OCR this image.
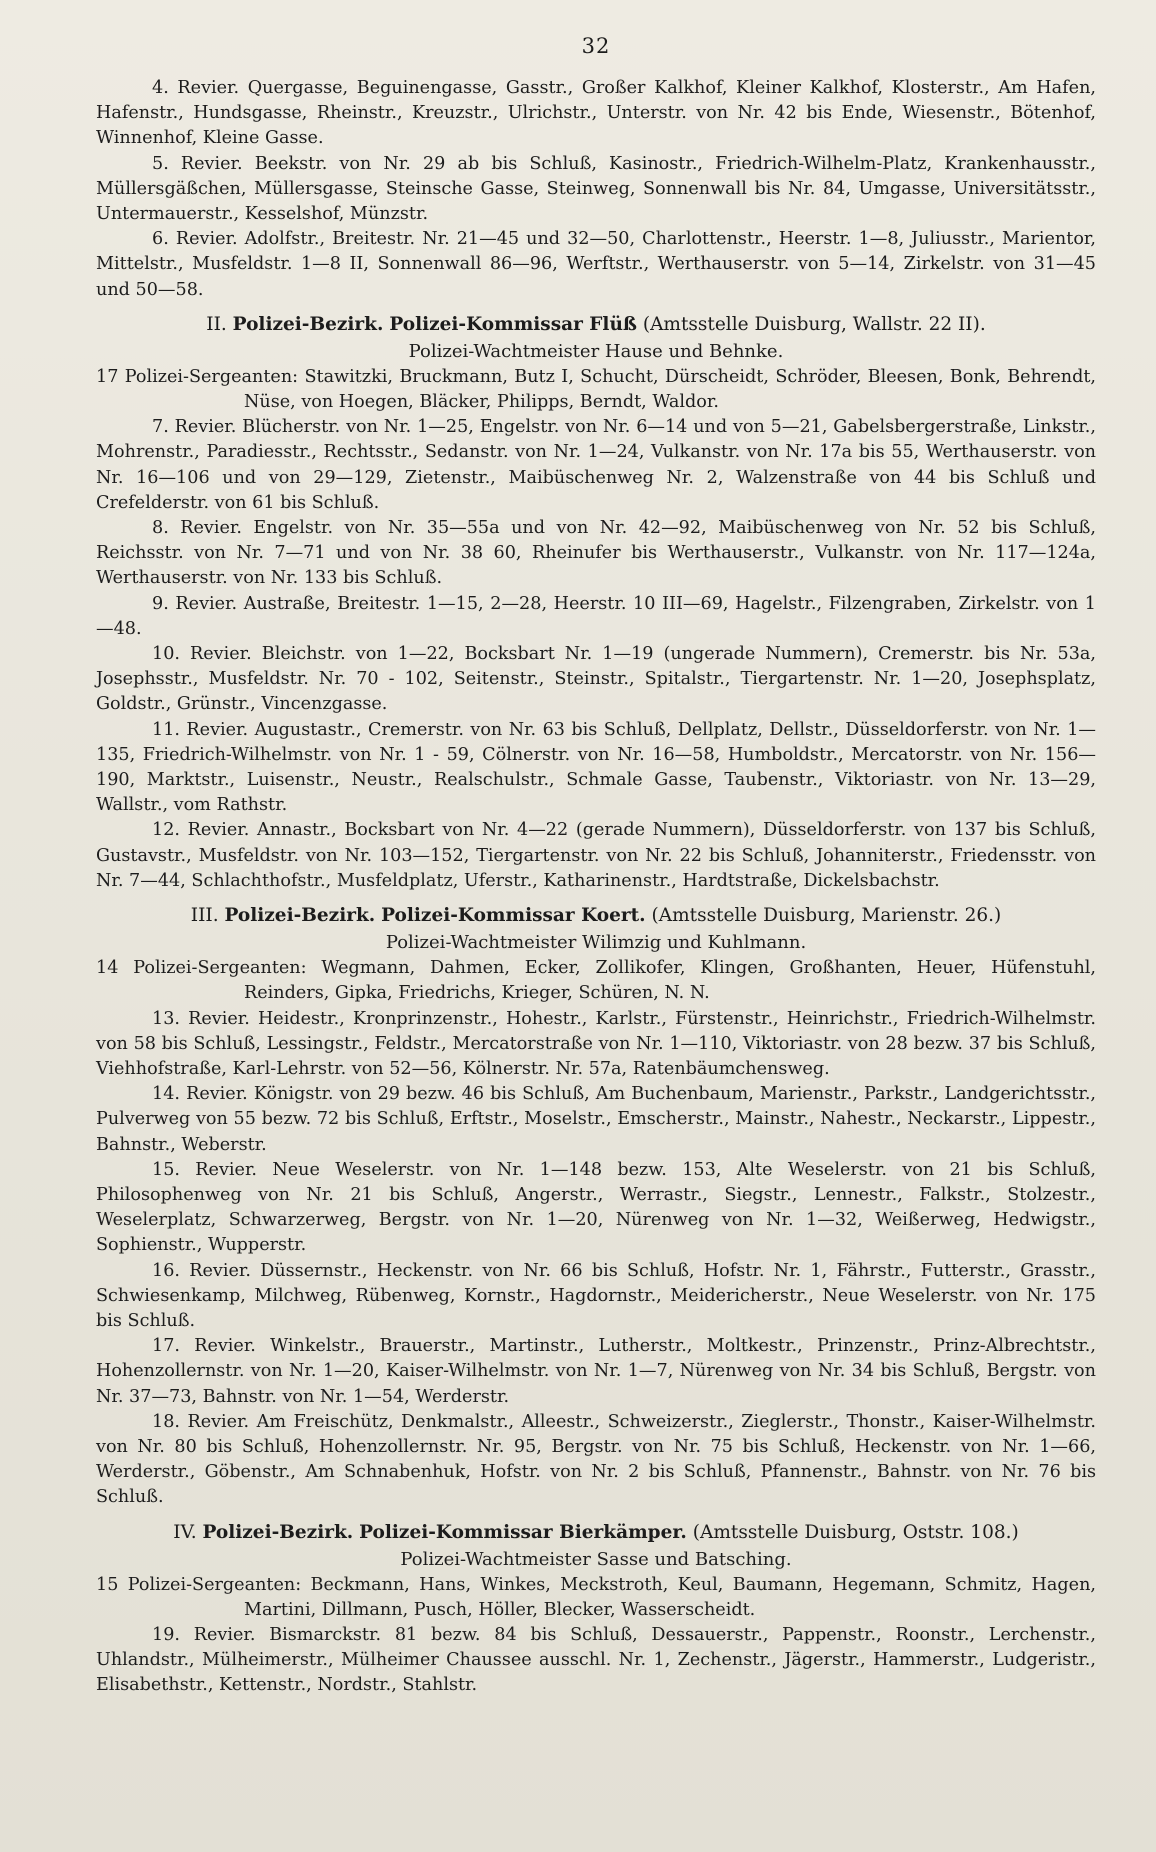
32

4. Revier. Quergasse, Beguinengasse, Gasstr., Großer Kalkhof, Kleiner Kalkhof, Klosterstr., Am Hafen, Hafenstr., Hundsgasse, Rheinstr., Kreuzstr., Ulrichstr., Unterstr. von Nr. 42 bis Ende, Wiesenstr., Bötenhof, Winnenhof, Kleine Gasse.

5. Revier. Beekstr. von Nr. 29 ab bis Schluß, Kasinostr., Friedrich-Wilhelm-Platz, Krankenhausstr., Müllersgäßchen, Müllersgasse, Steinsche Gasse, Steinweg, Sonnenwall bis Nr. 84, Umgasse, Universitätsstr., Untermauerstr., Kesselshof, Münzstr.

6. Revier. Adolfstr., Breitestr. Nr. 21—45 und 32—50, Charlottenstr., Heerstr. 1—8, Juliusstr., Marientor, Mittelstr., Musfeldstr. 1—8 II, Sonnenwall 86—96, Werftstr., Werthauserstr. von 5—14, Zirkelstr. von 31—45 und 50—58.

II. Polizei-Bezirk. Polizei-Kommissar Flüß (Amtsstelle Duisburg, Wallstr. 22 II).

Polizei-Wachtmeister Hause und Behnke.

17 Polizei-Sergeanten: Stawitzki, Bruckmann, Butz I, Schucht, Dürscheidt, Schröder, Bleesen, Bonk, Behrendt, Nüse, von Hoegen, Bläcker, Philipps, Berndt, Waldor.

7. Revier. Blücherstr. von Nr. 1—25, Engelstr. von Nr. 6—14 und von 5—21, Gabelsbergerstraße, Linkstr., Mohrenstr., Paradiesstr., Rechtsstr., Sedanstr. von Nr. 1—24, Vulkanstr. von Nr. 17a bis 55, Werthauserstr. von Nr. 16—106 und von 29—129, Zietenstr., Maibüschenweg Nr. 2, Walzenstraße von 44 bis Schluß und Crefelderstr. von 61 bis Schluß.

8. Revier. Engelstr. von Nr. 35—55a und von Nr. 42—92, Maibüschenweg von Nr. 52 bis Schluß, Reichsstr. von Nr. 7—71 und von Nr. 38 60, Rheinufer bis Werthauserstr., Vulkanstr. von Nr. 117—124a, Werthauserstr. von Nr. 133 bis Schluß.

9. Revier. Austraße, Breitestr. 1—15, 2—28, Heerstr. 10 III—69, Hagelstr., Filzengraben, Zirkelstr. von 1—48.

10. Revier. Bleichstr. von 1—22, Bocksbart Nr. 1—19 (ungerade Nummern), Cremerstr. bis Nr. 53a, Josephsstr., Musfeldstr. Nr. 70 - 102, Seitenstr., Steinstr., Spitalstr., Tiergartenstr. Nr. 1—20, Josephsplatz, Goldstr., Grünstr., Vincenzgasse.

11. Revier. Augustastr., Cremerstr. von Nr. 63 bis Schluß, Dellplatz, Dellstr., Düsseldorferstr. von Nr. 1—135, Friedrich-Wilhelmstr. von Nr. 1 - 59, Cölnerstr. von Nr. 16—58, Humboldstr., Mercatorstr. von Nr. 156—190, Marktstr., Luisenstr., Neustr., Realschulstr., Schmale Gasse, Taubenstr., Viktoriastr. von Nr. 13—29, Wallstr., vom Rathstr.

12. Revier. Annastr., Bocksbart von Nr. 4—22 (gerade Nummern), Düsseldorferstr. von 137 bis Schluß, Gustavstr., Musfeldstr. von Nr. 103—152, Tiergartenstr. von Nr. 22 bis Schluß, Johanniterstr., Friedensstr. von Nr. 7—44, Schlachthofstr., Musfeldplatz, Uferstr., Katharinenstr., Hardtstraße, Dickelsbachstr.

III. Polizei-Bezirk. Polizei-Kommissar Koert. (Amtsstelle Duisburg, Marienstr. 26.)

Polizei-Wachtmeister Wilimzig und Kuhlmann.

14 Polizei-Sergeanten: Wegmann, Dahmen, Ecker, Zollikofer, Klingen, Großhanten, Heuer, Hüfenstuhl, Reinders, Gipka, Friedrichs, Krieger, Schüren, N. N.

13. Revier. Heidestr., Kronprinzenstr., Hohestr., Karlstr., Fürstenstr., Heinrichstr., Friedrich-Wilhelmstr. von 58 bis Schluß, Lessingstr., Feldstr., Mercatorstraße von Nr. 1—110, Viktoriastr. von 28 bezw. 37 bis Schluß, Viehhofstraße, Karl-Lehrstr. von 52—56, Kölnerstr. Nr. 57a, Ratenbäumchensweg.

14. Revier. Königstr. von 29 bezw. 46 bis Schluß, Am Buchenbaum, Marienstr., Parkstr., Landgerichtsstr., Pulverweg von 55 bezw. 72 bis Schluß, Erftstr., Moselstr., Emscherstr., Mainstr., Nahestr., Neckarstr., Lippestr., Bahnstr., Weberstr.

15. Revier. Neue Weselerstr. von Nr. 1—148 bezw. 153, Alte Weselerstr. von 21 bis Schluß, Philosophenweg von Nr. 21 bis Schluß, Angerstr., Werrastr., Siegstr., Lennestr., Falkstr., Stolzestr., Weselerplatz, Schwarzerweg, Bergstr. von Nr. 1—20, Nürenweg von Nr. 1—32, Weißerweg, Hedwigstr., Sophienstr., Wupperstr.

16. Revier. Düssernstr., Heckenstr. von Nr. 66 bis Schluß, Hofstr. Nr. 1, Fährstr., Futterstr., Grasstr., Schwiesenkamp, Milchweg, Rübenweg, Kornstr., Hagdornstr., Meidericherstr., Neue Weselerstr. von Nr. 175 bis Schluß.

17. Revier. Winkelstr., Brauerstr., Martinstr., Lutherstr., Moltkestr., Prinzenstr., Prinz-Albrechtstr., Hohenzollernstr. von Nr. 1—20, Kaiser-Wilhelmstr. von Nr. 1—7, Nürenweg von Nr. 34 bis Schluß, Bergstr. von Nr. 37—73, Bahnstr. von Nr. 1—54, Werderstr.

18. Revier. Am Freischütz, Denkmalstr., Alleestr., Schweizerstr., Zieglerstr., Thonstr., Kaiser-Wilhelmstr. von Nr. 80 bis Schluß, Hohenzollernstr. Nr. 95, Bergstr. von Nr. 75 bis Schluß, Heckenstr. von Nr. 1—66, Werderstr., Göbenstr., Am Schnabenhuk, Hofstr. von Nr. 2 bis Schluß, Pfannenstr., Bahnstr. von Nr. 76 bis Schluß.

IV. Polizei-Bezirk. Polizei-Kommissar Bierkämper. (Amtsstelle Duisburg, Oststr. 108.)

Polizei-Wachtmeister Sasse und Batsching.

15 Polizei-Sergeanten: Beckmann, Hans, Winkes, Meckstroth, Keul, Baumann, Hegemann, Schmitz, Hagen, Martini, Dillmann, Pusch, Höller, Blecker, Wasserscheidt.

19. Revier. Bismarckstr. 81 bezw. 84 bis Schluß, Dessauerstr., Pappenstr., Roonstr., Lerchenstr., Uhlandstr., Mülheimerstr., Mülheimer Chaussee ausschl. Nr. 1, Zechenstr., Jägerstr., Hammerstr., Ludgeristr., Elisabethstr., Kettenstr., Nordstr., Stahlstr.
